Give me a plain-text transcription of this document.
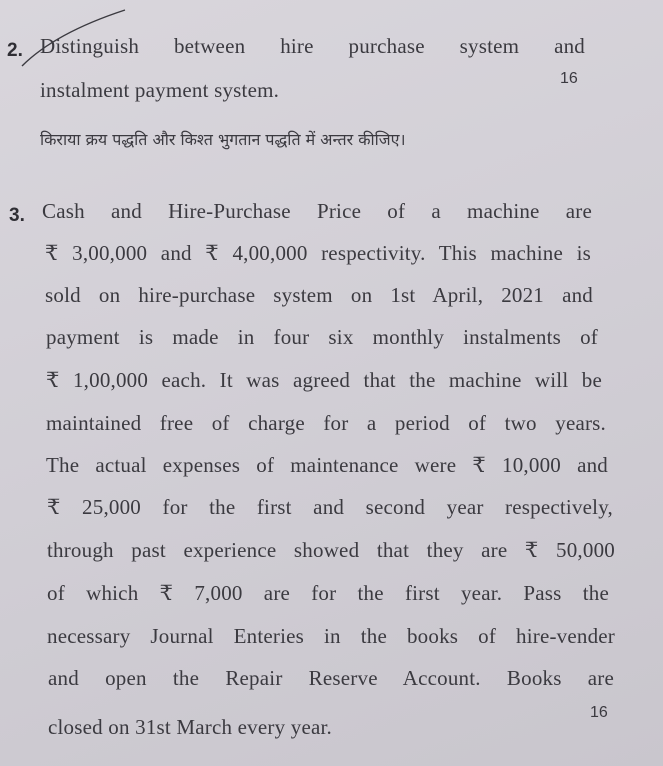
2. Distinguish between hire purchase system and
instalment payment system.	16
किराया क्रय पद्धति और किश्त भुगतान पद्धति में अन्तर कीजिए।
3. Cash and Hire-Purchase Price of a machine are
₹ 3,00,000 and ₹ 4,00,000 respectivity. This machine is
sold on hire-purchase system on 1st April, 2021 and
payment is made in four six monthly instalments of
₹ 1,00,000 each. It was agreed that the machine will be
maintained free of charge for a period of two years.
The actual expenses of maintenance were ₹ 10,000 and
₹ 25,000 for the first and second year respectively,
through past experience showed that they are ₹ 50,000
of which ₹ 7,000 are for the first year. Pass the
necessary Journal Enteries in the books of hire-vender
and open the Repair Reserve Account. Books are
closed on 31st March every year.
16
